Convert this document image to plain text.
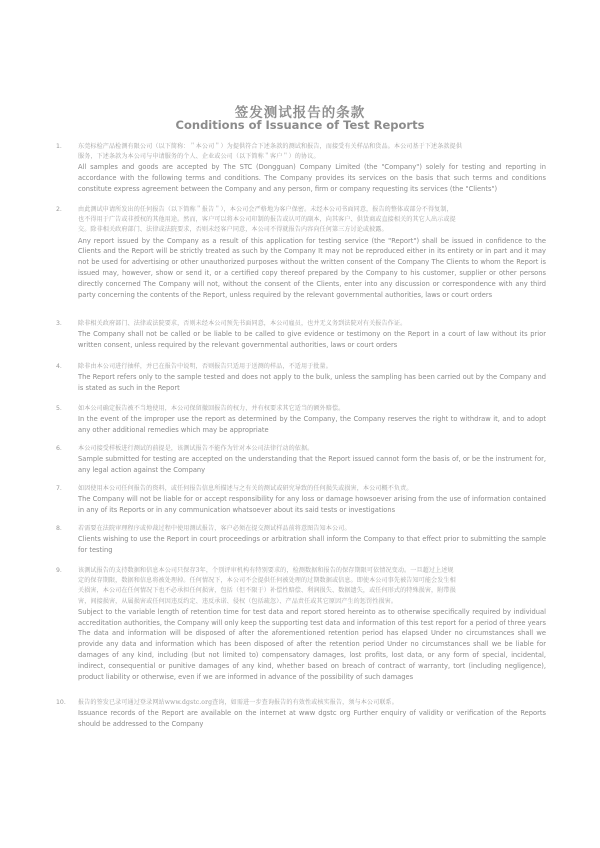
签发测试报告的条款
Conditions of Issuance of Test Reports
1.	东莞标检产品检测有限公司（以下简称：＂本公司＂）为提供符合下述条款的测试和报告，而接受有关样品和货品。本公司基于下述条款提供
服务，下述条款为本公司与申请服务的个人、企业或公司（以下简称＂客户＂）的协议。
All samples and goods are accepted by The STC (Dongguan) Company Limited (the "Company") solely for testing and reporting in accordance with the following terms and conditions. The Company provides its services on the basis that such terms and conditions constitute express agreement between the Company and any person, firm or company requesting its services (the "Clients")
2.	由此测试申请所发出的任何报告（以下简称＂报告＂），本公司会严格地为客户保密。未经本公司书面同意，报告的整体或部分不得复制，
也不得用于广告或非授权的其他用途。然而，客户可以将本公司印制的报告或认可的副本，向其客户、供货商或直接相关的其它人出示或提
交。除非相关政府部门、法律或法院要求，否则未经客户同意，本公司不得就报告内容向任何第三方讨论或披露。
Any report issued by the Company as a result of this application for testing service (the "Report") shall be issued in confidence to the Clients and the Report will be strictly treated as such by the Company It may not be reproduced either in its entirety or in part and it may not be used for advertising or other unauthorized purposes without the written consent of the Company The Clients to whom the Report is issued may, however, show or send it, or a certified copy thereof prepared by the Company to his customer, supplier or other persons directly concerned The Company will not, without the consent of the Clients, enter into any discussion or correspondence with any third party concerning the contents of the Report, unless required by the relevant governmental authorities, laws or court orders
3.	除非相关政府部门、法律或法院要求，否则未经本公司预先书面同意，本公司雇员，也并无义务到法院对有关报告作证。
The Company shall not be called or be liable to be called to give evidence or testimony on the Report in a court of law without its prior written consent, unless required by the relevant governmental authorities, laws or court orders
4.	除非由本公司进行抽样，并已在报告中说明，否则报告只适用于送测的样品，不适用于批量。
The Report refers only to the sample tested and does not apply to the bulk, unless the sampling has been carried out by the Company and is stated as such in the Report
5.	如本公司确定报告被不当地使用，本公司保留撤回报告的权力，并有权要求其它适当的额外赔偿。
In the event of the improper use the report as determined by the Company, the Company reserves the right to withdraw it, and to adopt any other additional remedies which may be appropriate
6.	本公司接受样板进行测试的前提是，该测试报告不能作为针对本公司法律行动的依据。
Sample submitted for testing are accepted on the understanding that the Report issued cannot form the basis of, or be the instrument for, any legal action against the Company
7.	如因使用本公司任何报告的资料，或任何报告信息所描述与之有关的测试或研究导致的任何损失或损害，本公司概不负责。
The Company will not be liable for or accept responsibility for any loss or damage howsoever arising from the use of information contained in any of its Reports or in any communication whatsoever about its said tests or investigations
8.	若需要在法院审理程序或仲裁过程中使用测试报告，客户必须在提交测试样品前将意图告知本公司。
Clients wishing to use the Report in court proceedings or arbitration shall inform the Company to that effect prior to submitting the sample for testing
9.	该测试报告的支持数据和信息本公司只保存3年，个别评审机构有特别要求的，检测数据和报告的保存期限可依情况变动。一旦超过上述规
定的保存期限，数据和信息将被处理掉。任何情况下，本公司不会提供任何被处理的过期数据或信息。即使本公司事先被告知可能会发生相
关损害，本公司在任何情况下也不必承担任何损害，包括（但不限于）补偿性赔偿、利润损失、数据遗失，或任何形式的特殊损害，附带损
害，间接损害，从属损害或任何因违反约定、违反承诺、侵权（包括疏忽）、产品责任或其它原因产生的惩罚性损害。
Subject to the variable length of retention time for test data and report stored hereinto as to otherwise specifically required by individual accreditation authorities, the Company will only keep the supporting test data and information of this test report for a period of three years The data and information will be disposed of after the aforementioned retention period has elapsed Under no circumstances shall we provide any data and information which has been disposed of after the retention period Under no circumstances shall we be liable for damages of any kind, including (but not limited to) compensatory damages, lost profits, lost data, or any form of special, incidental, indirect, consequential or punitive damages of any kind, whether based on breach of contract of warranty, tort (including negligence), product liability or otherwise, even if we are informed in advance of the possibility of such damages
10.	报告的签发已录可通过登录网站www.dgstc.org查询，如需进一步查询报告的有效性或核实报告，须与本公司联系。
Issuance records of the Report are available on the internet at www dgstc org Further enquiry of validity or verification of the Reports should be addressed to the Company
